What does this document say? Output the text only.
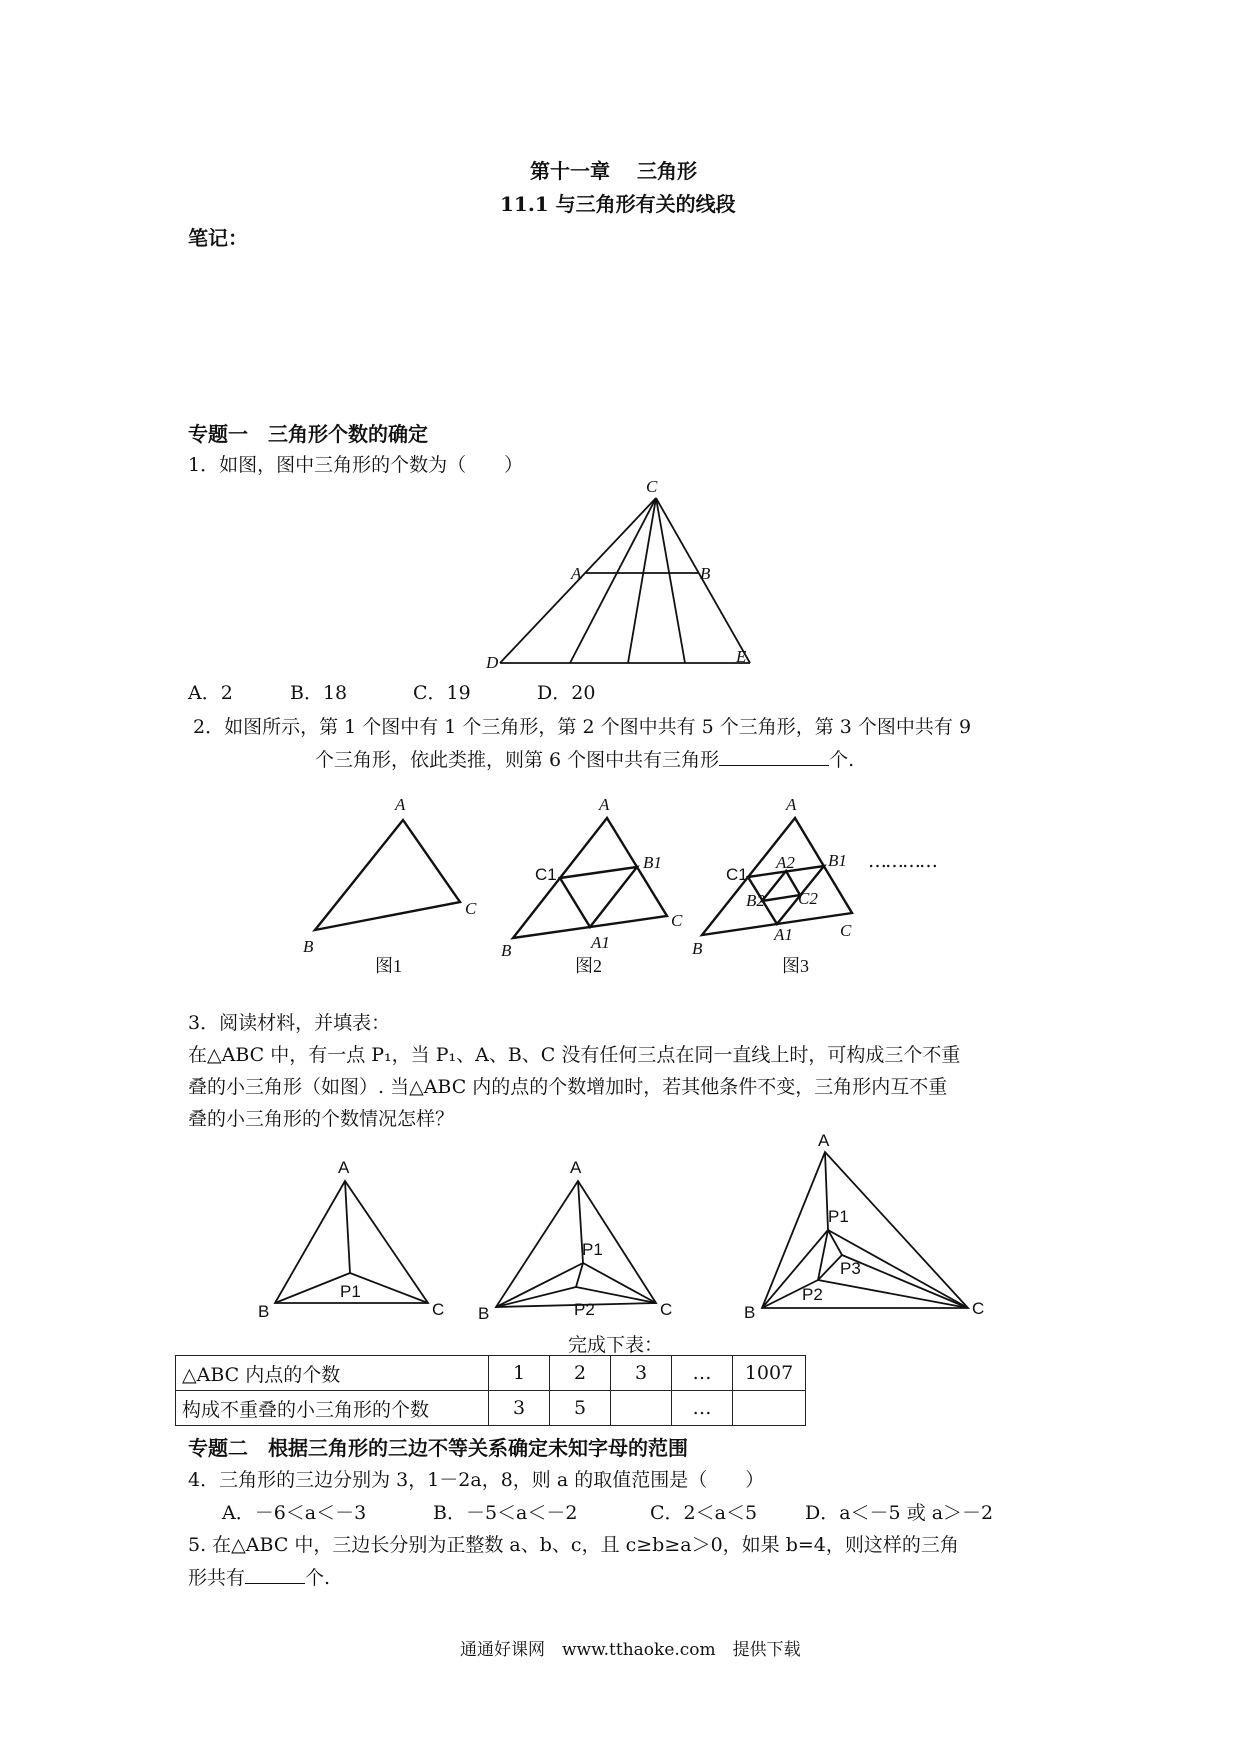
第十一章　 三角形
11.1 与三角形有关的线段
笔记：
专题一　三角形个数的确定
1．如图，图中三角形的个数为（　　）
C
A	B
D	E
A．2	B．18	C．19	D．20
2．如图所示，第 1 个图中有 1 个三角形，第 2 个图中共有 5 个三角形，第 3 个图中共有 9
个三角形，依此类推，则第 6 个图中共有三角形	个.
A
B
C
图1
A
B
C
C1
B1
A1
图2
A
A2 B1
C1
B2 C2
A1
B
C
图3
…………
3．阅读材料，并填表：
在△ABC 中，有一点 P₁，当 P₁、A、B、C 没有任何三点在同一直线上时，可构成三个不重
叠的小三角形（如图）. 当△ABC 内的点的个数增加时，若其他条件不变，三角形内互不重
叠的小三角形的个数情况怎样？
A
B	C
P1
A
B	C
P1
P2
A
B	C
P1
P3
P2
完成下表：
△ABC 内点的个数	1	2	3	…	1007
构成不重叠的小三角形的个数	3	5		…	
专题二　根据三角形的三边不等关系确定未知字母的范围
4．三角形的三边分别为 3，1－2a，8，则 a 的取值范围是（　　）
A．－6＜a＜－3	B．－5＜a＜－2	C．2＜a＜5	D．a＜－5 或 a＞－2
5. 在△ABC 中，三边长分别为正整数 a、b、c，且 c≥b≥a＞0，如果 b=4，则这样的三角
形共有	个.
通通好课网　www.tthaoke.com　提供下载
